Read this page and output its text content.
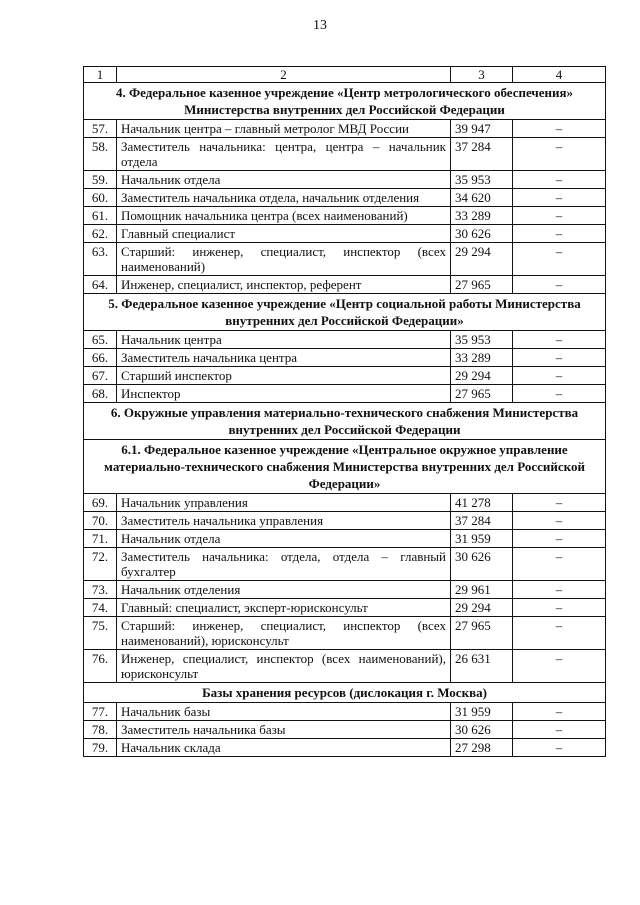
13
1	2	3	4
4. Федеральное казенное учреждение «Центр метрологического обеспечения» Министерства внутренних дел Российской Федерации			
57.	Начальник центра – главный метролог МВД России	39 947	–
58.	Заместитель начальника: центра, центра – начальник отдела	37 284	–
59.	Начальник отдела	35 953	–
60.	Заместитель начальника отдела, начальник отделения	34 620	–
61.	Помощник начальника центра (всех наименований)	33 289	–
62.	Главный специалист	30 626	–
63.	Старший: инженер, специалист, инспектор (всех наименований)	29 294	–
64.	Инженер, специалист, инспектор, референт	27 965	–
5. Федеральное казенное учреждение «Центр социальной работы Министерства внутренних дел Российской Федерации»			
65.	Начальник центра	35 953	–
66.	Заместитель начальника центра	33 289	–
67.	Старший инспектор	29 294	–
68.	Инспектор	27 965	–
6. Окружные управления материально-технического снабжения Министерства внутренних дел Российской Федерации			
6.1. Федеральное казенное учреждение «Центральное окружное управление материально-технического снабжения Министерства внутренних дел Российской Федерации»			
69.	Начальник управления	41 278	–
70.	Заместитель начальника управления	37 284	–
71.	Начальник отдела	31 959	–
72.	Заместитель начальника: отдела, отдела – главный бухгалтер	30 626	–
73.	Начальник отделения	29 961	–
74.	Главный: специалист, эксперт-юрисконсульт	29 294	–
75.	Старший: инженер, специалист, инспектор (всех наименований), юрисконсульт	27 965	–
76.	Инженер, специалист, инспектор (всех наименований), юрисконсульт	26 631	–
Базы хранения ресурсов (дислокация г. Москва)			
77.	Начальник базы	31 959	–
78.	Заместитель начальника базы	30 626	–
79.	Начальник склада	27 298	–
